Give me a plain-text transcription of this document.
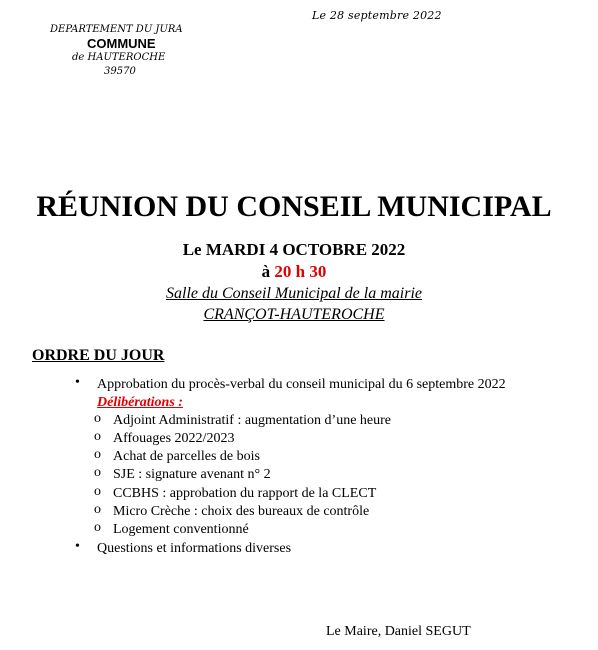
Le 28 septembre 2022
DEPARTEMENT DU JURA
COMMUNE
de HAUTEROCHE
39570
RÉUNION DU CONSEIL MUNICIPAL
Le MARDI 4 OCTOBRE 2022
à 20 h 30
Salle du Conseil Municipal de la mairie
CRANÇOT-HAUTEROCHE
ORDRE DU JOUR
• Approbation du procès-verbal du conseil municipal du 6 septembre 2022
Délibérations :
o Adjoint Administratif : augmentation d’une heure
o Affouages 2022/2023
o Achat de parcelles de bois
o SJE : signature avenant n° 2
o CCBHS : approbation du rapport de la CLECT
o Micro Crèche : choix des bureaux de contrôle
o Logement conventionné
• Questions et informations diverses
Le Maire, Daniel SEGUT
